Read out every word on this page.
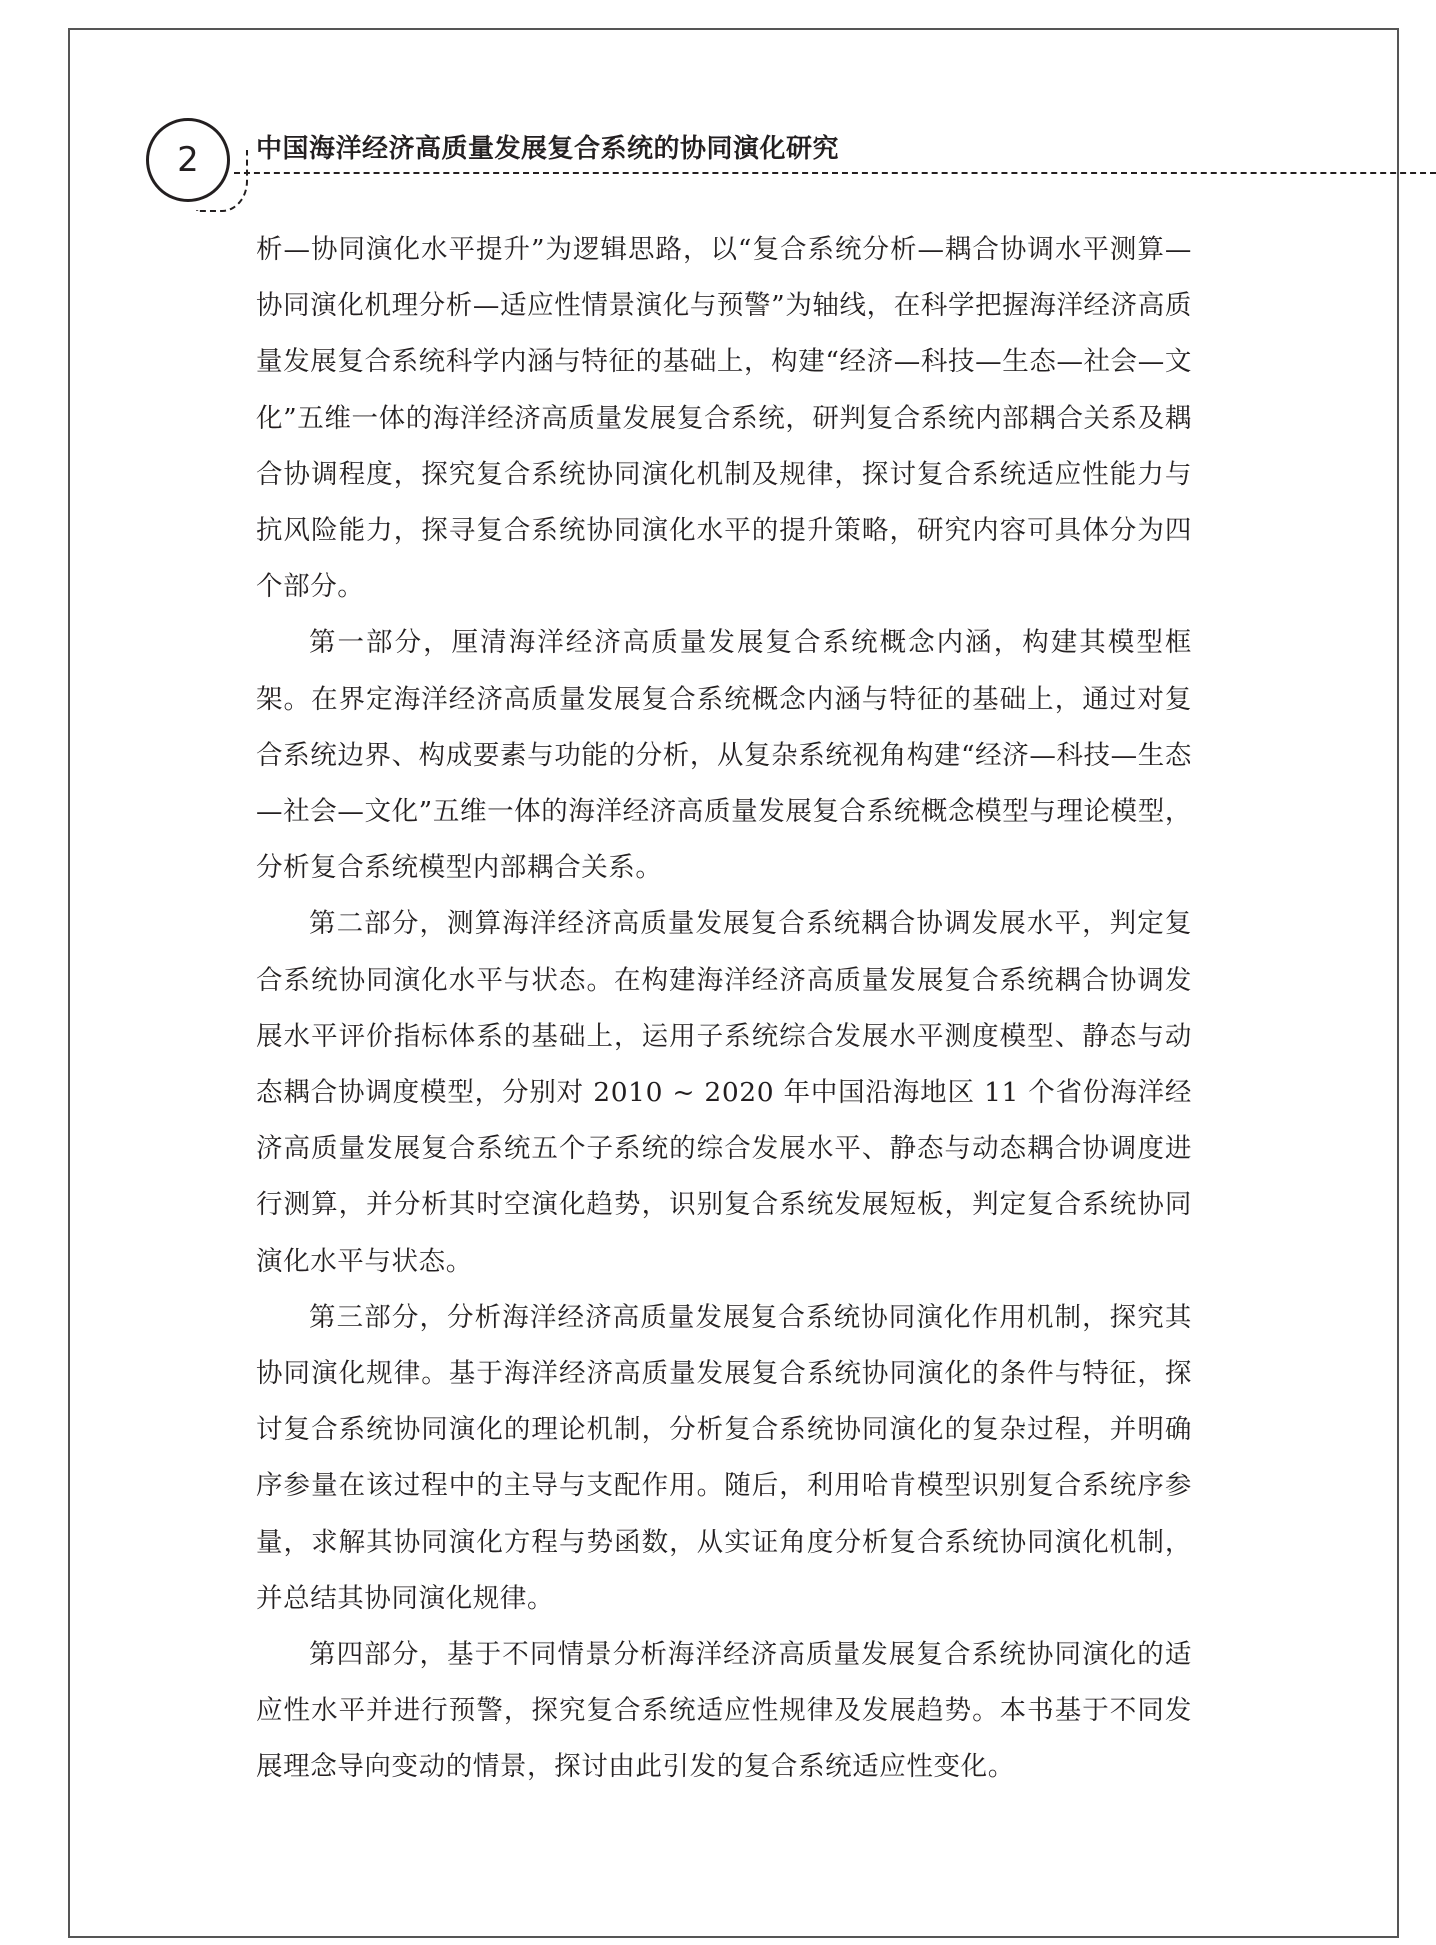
2 中国海洋经济高质量发展复合系统的协同演化研究

析—协同演化水平提升”为逻辑思路，以“复合系统分析—耦合协调水平测算—协同演化机理分析—适应性情景演化与预警”为轴线，在科学把握海洋经济高质量发展复合系统科学内涵与特征的基础上，构建“经济—科技—生态—社会—文化”五维一体的海洋经济高质量发展复合系统，研判复合系统内部耦合关系及耦合协调程度，探究复合系统协同演化机制及规律，探讨复合系统适应性能力与抗风险能力，探寻复合系统协同演化水平的提升策略，研究内容可具体分为四个部分。

第一部分，厘清海洋经济高质量发展复合系统概念内涵，构建其模型框架。在界定海洋经济高质量发展复合系统概念内涵与特征的基础上，通过对复合系统边界、构成要素与功能的分析，从复杂系统视角构建“经济—科技—生态—社会—文化”五维一体的海洋经济高质量发展复合系统概念模型与理论模型，分析复合系统模型内部耦合关系。

第二部分，测算海洋经济高质量发展复合系统耦合协调发展水平，判定复合系统协同演化水平与状态。在构建海洋经济高质量发展复合系统耦合协调发展水平评价指标体系的基础上，运用子系统综合发展水平测度模型、静态与动态耦合协调度模型，分别对 2010 ~ 2020 年中国沿海地区 11 个省份海洋经济高质量发展复合系统五个子系统的综合发展水平、静态与动态耦合协调度进行测算，并分析其时空演化趋势，识别复合系统发展短板，判定复合系统协同演化水平与状态。

第三部分，分析海洋经济高质量发展复合系统协同演化作用机制，探究其协同演化规律。基于海洋经济高质量发展复合系统协同演化的条件与特征，探讨复合系统协同演化的理论机制，分析复合系统协同演化的复杂过程，并明确序参量在该过程中的主导与支配作用。随后，利用哈肯模型识别复合系统序参量，求解其协同演化方程与势函数，从实证角度分析复合系统协同演化机制，并总结其协同演化规律。

第四部分，基于不同情景分析海洋经济高质量发展复合系统协同演化的适应性水平并进行预警，探究复合系统适应性规律及发展趋势。本书基于不同发展理念导向变动的情景，探讨由此引发的复合系统适应性变化。
